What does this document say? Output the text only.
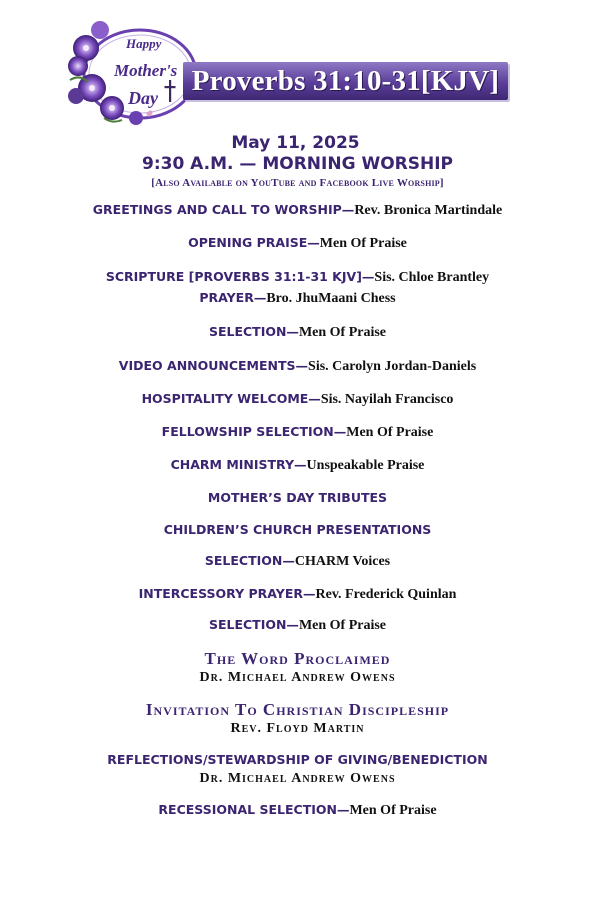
Happy
Mother's
Day
Proverbs 31:10-31[KJV]
May 11, 2025
9:30 A.M. — MORNING WORSHIP
[Also Available on YouTube and Facebook Live Worship]
GREETINGS AND CALL TO WORSHIP—Rev. Bronica Martindale
OPENING PRAISE—Men Of Praise
SCRIPTURE [PROVERBS 31:1-31 KJV]—Sis. Chloe Brantley
PRAYER—Bro. JhuMaani Chess
SELECTION—Men Of Praise
VIDEO ANNOUNCEMENTS—Sis. Carolyn Jordan-Daniels
HOSPITALITY WELCOME—Sis. Nayilah Francisco
FELLOWSHIP SELECTION—Men Of Praise
CHARM MINISTRY—Unspeakable Praise
MOTHER’S DAY TRIBUTES
CHILDREN’S CHURCH PRESENTATIONS
SELECTION—CHARM Voices
INTERCESSORY PRAYER—Rev. Frederick Quinlan
SELECTION—Men Of Praise
The Word Proclaimed
Dr. Michael Andrew Owens
Invitation To Christian Discipleship
Rev. Floyd Martin
REFLECTIONS/STEWARDSHIP OF GIVING/BENEDICTION
Dr. Michael Andrew Owens
RECESSIONAL SELECTION—Men Of Praise
